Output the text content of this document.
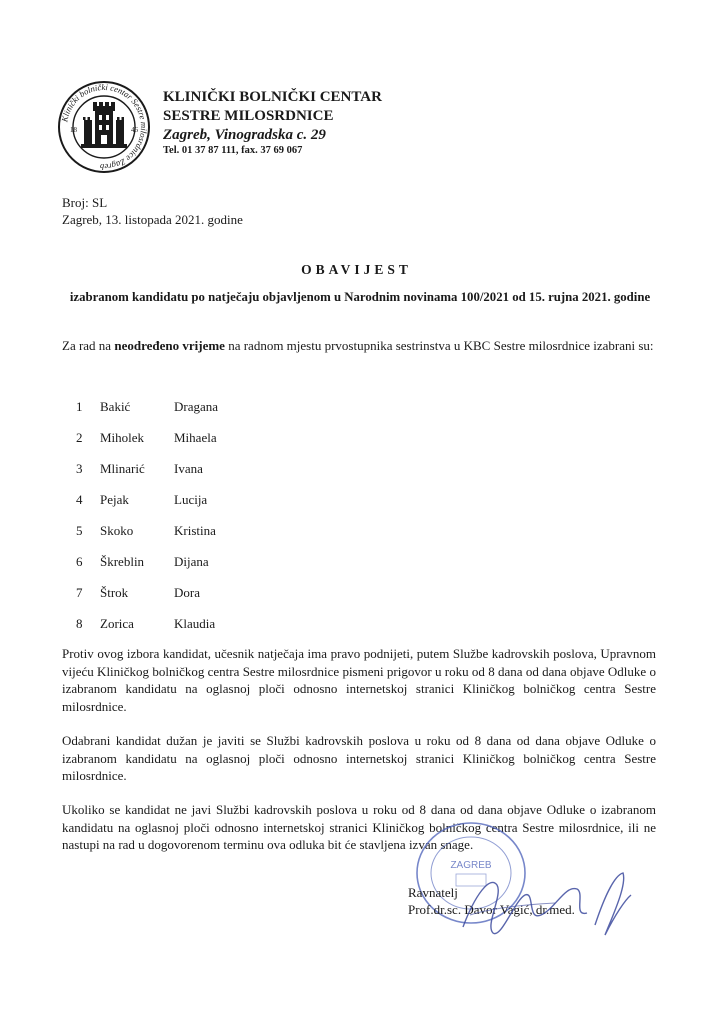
Klinički bolnički centar Sestre milosrdnice Zagreb
18	46
KLINIČKI BOLNIČKI CENTAR
SESTRE MILOSRDNICE
Zagreb, Vinogradska c. 29
Tel. 01 37 87 111, fax. 37 69 067
Broj: SL
Zagreb, 13. listopada 2021. godine
OBAVIJEST
izabranom kandidatu po natječaju objavljenom u Narodnim novinama 100/2021 od 15. rujna 2021. godine
Za rad na neodređeno vrijeme na radnom mjestu prvostupnika sestrinstva u KBC Sestre milosrdnice izabrani su:
1 Bakić	Dragana
2 Miholek Mihaela
3 Mlinarić Ivana
4 Pejak	Lucija
5 Skoko	Kristina
6 Škreblin Dijana
7 Štrok	Dora
8 Zorica	Klaudia
Protiv ovog izbora kandidat, učesnik natječaja ima pravo podnijeti, putem Službe kadrovskih poslova, Upravnom vijeću Kliničkog bolničkog centra Sestre milosrdnice pismeni prigovor u roku od 8 dana od dana objave Odluke o izabranom kandidatu na oglasnoj ploči odnosno internetskoj stranici Kliničkog bolničkog centra Sestre milosrdnice.
Odabrani kandidat dužan je javiti se Službi kadrovskih poslova u roku od 8 dana od dana objave Odluke o izabranom kandidatu na oglasnoj ploči odnosno internetskoj stranici Kliničkog bolničkog centra Sestre milosrdnice.
Ukoliko se kandidat ne javi Službi kadrovskih poslova u roku od 8 dana od dana objave Odluke o izabranom kandidatu na oglasnoj ploči odnosno internetskoj stranici Kliničkog bolničkog centra Sestre milosrdnice, ili ne nastupi na rad u dogovorenom terminu ova odluka bit će stavljena izvan snage.
ZAGREB
Ravnatelj
Prof.dr.sc. Davor Vagić, dr.med.
